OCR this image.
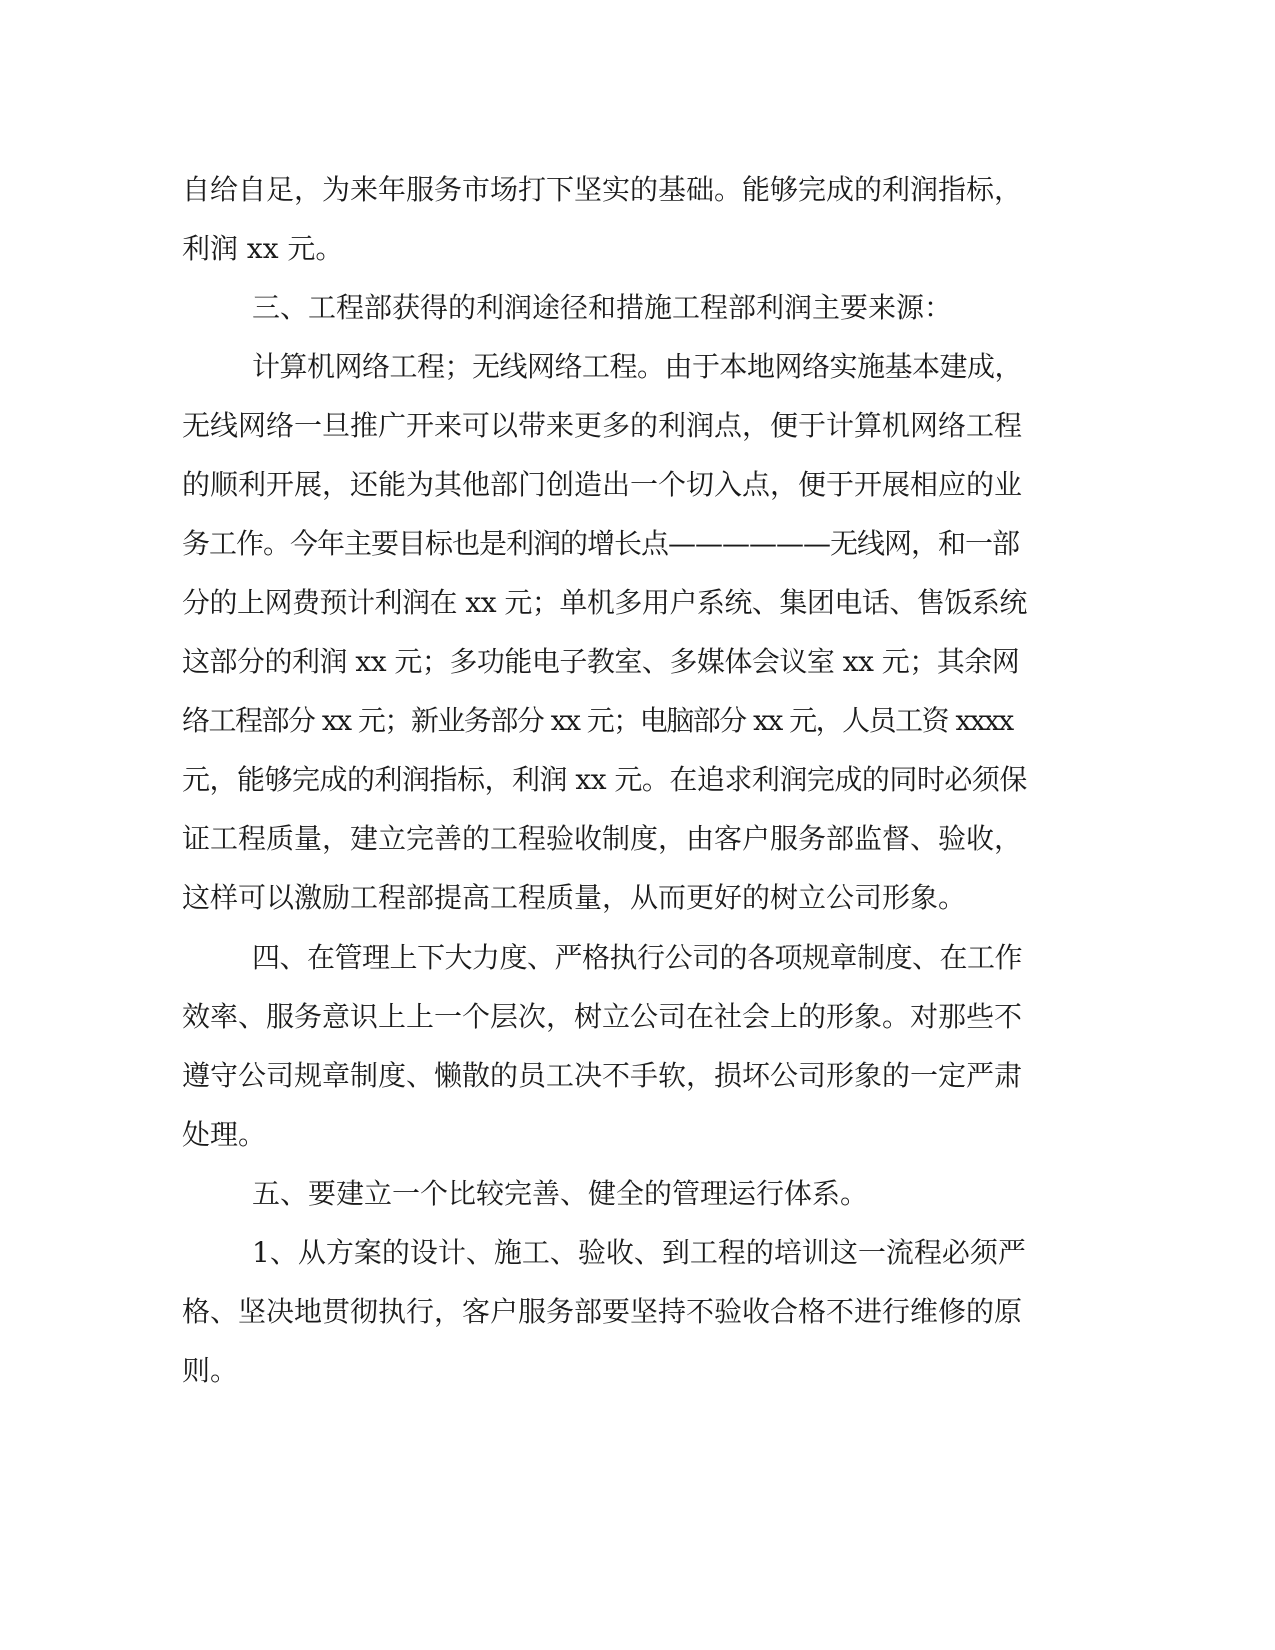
自给自足，为来年服务市场打下坚实的基础。能够完成的利润指标，
利润 xx 元。
三、工程部获得的利润途径和措施工程部利润主要来源：
计算机网络工程；无线网络工程。由于本地网络实施基本建成，
无线网络一旦推广开来可以带来更多的利润点，便于计算机网络工程
的顺利开展，还能为其他部门创造出一个切入点，便于开展相应的业
务工作。今年主要目标也是利润的增长点——————无线网，和一部
分的上网费预计利润在 xx 元；单机多用户系统、集团电话、售饭系统
这部分的利润 xx 元；多功能电子教室、多媒体会议室 xx 元；其余网
络工程部分 xx 元；新业务部分 xx 元；电脑部分 xx 元，人员工资 xxxx
元，能够完成的利润指标，利润 xx 元。在追求利润完成的同时必须保
证工程质量，建立完善的工程验收制度，由客户服务部监督、验收，
这样可以激励工程部提高工程质量，从而更好的树立公司形象。
四、在管理上下大力度、严格执行公司的各项规章制度、在工作
效率、服务意识上上一个层次，树立公司在社会上的形象。对那些不
遵守公司规章制度、懒散的员工决不手软，损坏公司形象的一定严肃
处理。
五、要建立一个比较完善、健全的管理运行体系。
1、从方案的设计、施工、验收、到工程的培训这一流程必须严
格、坚决地贯彻执行，客户服务部要坚持不验收合格不进行维修的原
则。
